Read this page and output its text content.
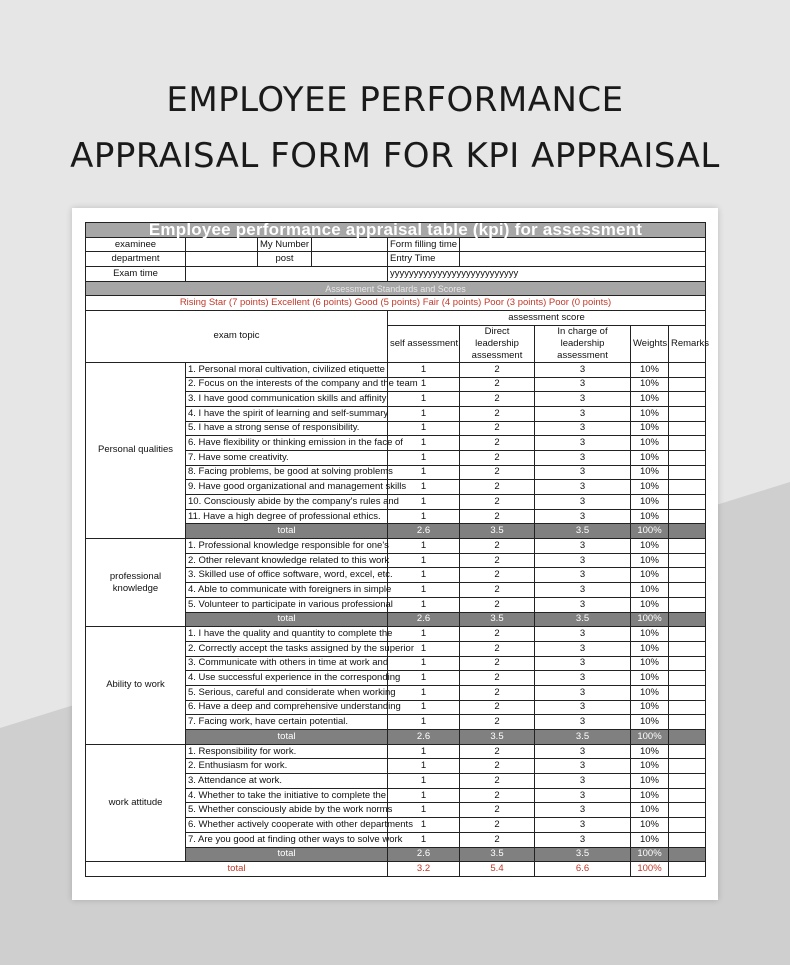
EMPLOYEE PERFORMANCE
APPRAISAL FORM FOR KPI APPRAISAL
Employee performance appraisal table (kpi) for assessment								
examinee		My Number		Form filling time				
department		post		Entry Time				
Exam time				yyyyyyyyyyyyyyyyyyyyyyyyyyy				
Assessment Standards and Scores								
Rising Star (7 points) Excellent (6 points) Good (5 points) Fair (4 points) Poor (3 points) Poor (0 points)								
exam topic				assessment score				
				self assessment	Direct leadership assessment	In charge of leadership assessment	Weights	Remarks
Personal qualities	1. Personal moral cultivation, civilized etiquette			1	2	3	10%	
	2. Focus on the interests of the company and the team			1	2	3	10%	
	3. I have good communication skills and affinity			1	2	3	10%	
	4. I have the spirit of learning and self-summary			1	2	3	10%	
	5. I have a strong sense of responsibility.			1	2	3	10%	
	6. Have flexibility or thinking emission in the face of			1	2	3	10%	
	7. Have some creativity.			1	2	3	10%	
	8. Facing problems, be good at solving problems			1	2	3	10%	
	9. Have good organizational and management skills			1	2	3	10%	
	10. Consciously abide by the company's rules and			1	2	3	10%	
	11. Have a high degree of professional ethics.			1	2	3	10%	
	total			2.6	3.5	3.5	100%	
professional knowledge	1. Professional knowledge responsible for one's			1	2	3	10%	
	2. Other relevant knowledge related to this work			1	2	3	10%	
	3. Skilled use of office software, word, excel, etc.			1	2	3	10%	
	4. Able to communicate with foreigners in simple			1	2	3	10%	
	5. Volunteer to participate in various professional			1	2	3	10%	
	total			2.6	3.5	3.5	100%	
Ability to work	1. I have the quality and quantity to complete the			1	2	3	10%	
	2. Correctly accept the tasks assigned by the superior			1	2	3	10%	
	3. Communicate with others in time at work and			1	2	3	10%	
	4. Use successful experience in the corresponding			1	2	3	10%	
	5. Serious, careful and considerate when working			1	2	3	10%	
	6. Have a deep and comprehensive understanding			1	2	3	10%	
	7. Facing work, have certain potential.			1	2	3	10%	
	total			2.6	3.5	3.5	100%	
work attitude	1. Responsibility for work.			1	2	3	10%	
	2. Enthusiasm for work.			1	2	3	10%	
	3. Attendance at work.			1	2	3	10%	
	4. Whether to take the initiative to complete the			1	2	3	10%	
	5. Whether consciously abide by the work norms			1	2	3	10%	
	6. Whether actively cooperate with other departments			1	2	3	10%	
	7. Are you good at finding other ways to solve work			1	2	3	10%	
	total			2.6	3.5	3.5	100%	
total				3.2	5.4	6.6	100%	
